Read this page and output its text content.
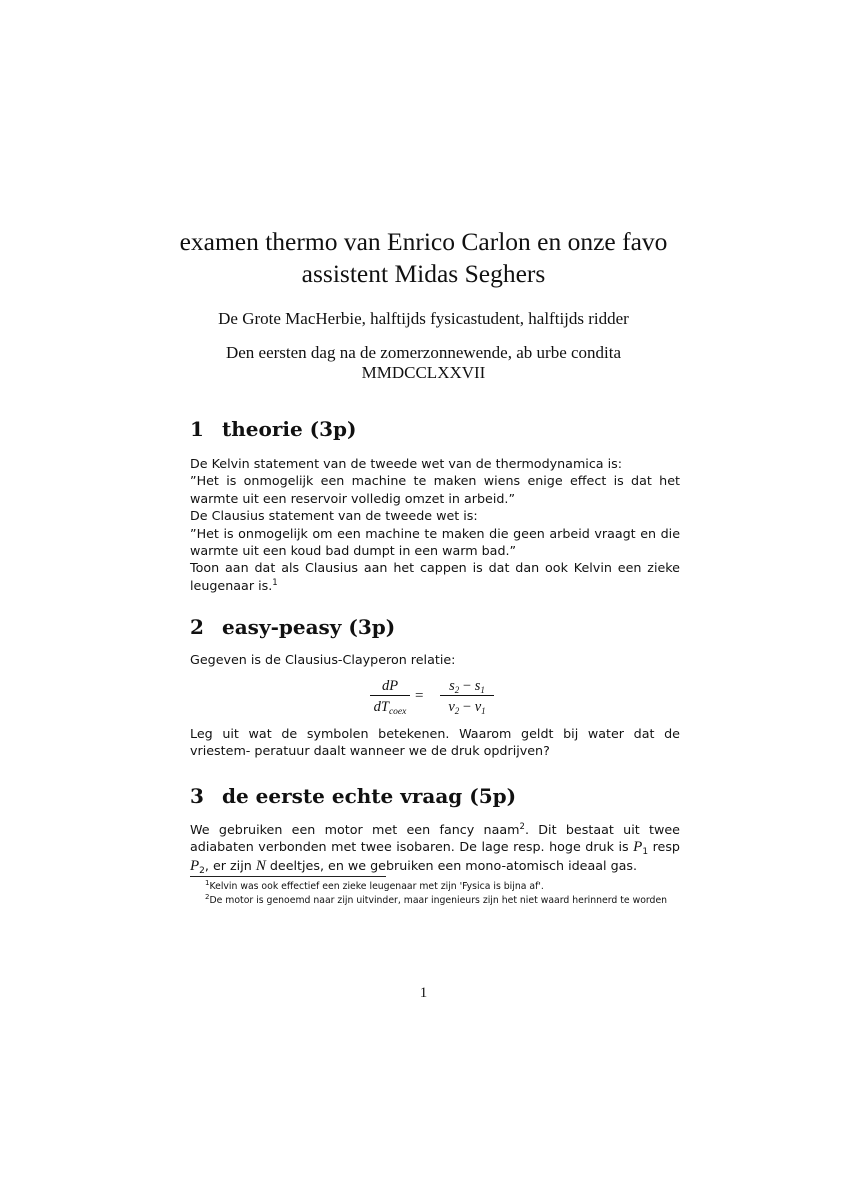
examen thermo van Enrico Carlon en onze favo
assistent Midas Seghers
De Grote MacHerbie, halftijds fysicastudent, halftijds ridder
Den eersten dag na de zomerzonnewende, ab urbe condita
MMDCCLXXVII
1 theorie (3p)

De Kelvin statement van de tweede wet van de thermodynamica is:

”Het is onmogelijk een machine te maken wiens enige effect is dat het warmte uit een reservoir volledig omzet in arbeid.”

De Clausius statement van de tweede wet is:

”Het is onmogelijk om een machine te maken die geen arbeid vraagt en die warmte uit een koud bad dumpt in een warm bad.”

Toon aan dat als Clausius aan het cappen is dat dan ook Kelvin een zieke leugenaar is.$^1$

2 easy-peasy (3p)
Gegeven is de Clausius-Clayperon relatie:
dP
$dT_{coex}$
=
$s_2 - s_1$
$v_2 - v_1$
Leg uit wat de symbolen betekenen. Waarom geldt bij water dat de vriestem- peratuur daalt wanneer we de druk opdrijven?
3 de eerste echte vraag (5p)
We gebruiken een motor met een fancy naam$^2$. Dit bestaat uit twee adiabaten verbonden met twee isobaren. De lage resp. hoge druk is $P_1$ resp $P_2$, er zijn N deeltjes, en we gebruiken een mono-atomisch ideaal gas.

$^1$Kelvin was ook effectief een zieke leugenaar met zijn 'Fysica is bijna af'.

$^2$De motor is genoemd naar zijn uitvinder, maar ingenieurs zijn het niet waard herinnerd te worden

1
